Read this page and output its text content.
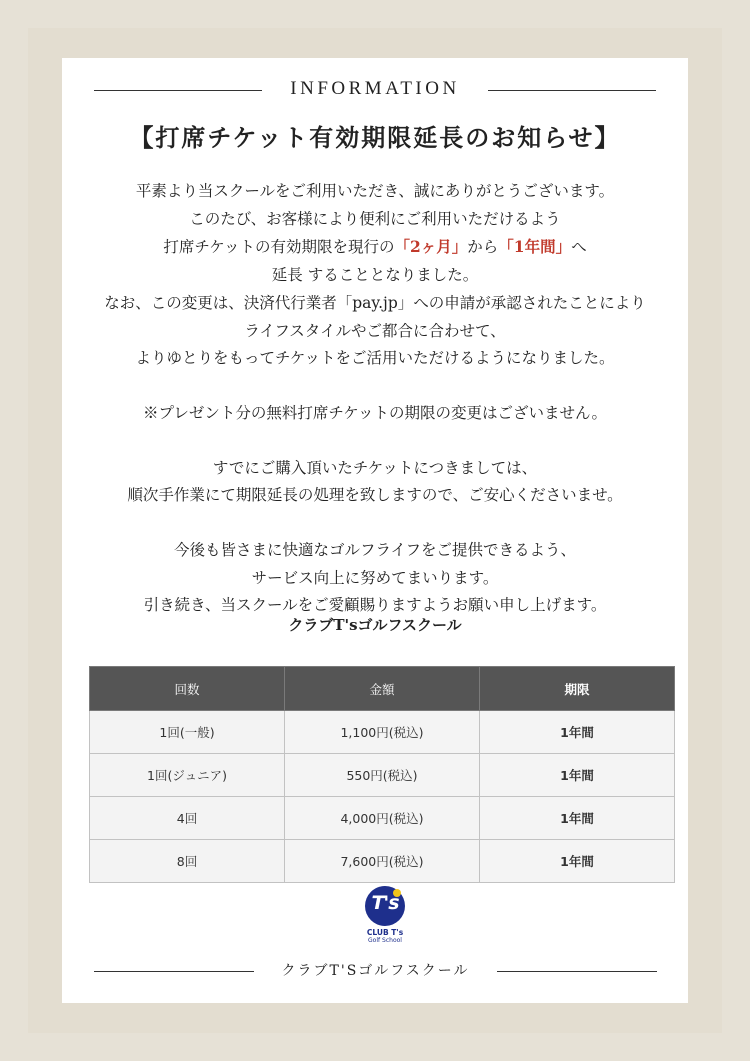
INFORMATION
【打席チケット有効期限延長のお知らせ】

平素より当スクールをご利用いただき、誠にありがとうございます。

このたび、お客様により便利にご利用いただけるよう

打席チケットの有効期限を現行の「2ヶ月」から「1年間」へ

延長 することとなりました。

なお、この変更は、決済代行業者「pay.jp」への申請が承認されたことにより

ライフスタイルやご都合に合わせて、

よりゆとりをもってチケットをご活用いただけるようになりました。

※プレゼント分の無料打席チケットの期限の変更はございません。

すでにご購入頂いたチケットにつきましては、

順次手作業にて期限延長の処理を致しますので、ご安心くださいませ。

今後も皆さまに快適なゴルフライフをご提供できるよう、

サービス向上に努めてまいります。

引き続き、当スクールをご愛顧賜りますようお願い申し上げます。

クラブT'sゴルフスクール
回数	金額	期限
1回(一般)	1,100円(税込)	1年間
1回(ジュニア)	550円(税込)	1年間
4回	4,000円(税込)	1年間
8回	7,600円(税込)	1年間
T's
CLUB T's
Golf School
クラブT'Sゴルフスクール
